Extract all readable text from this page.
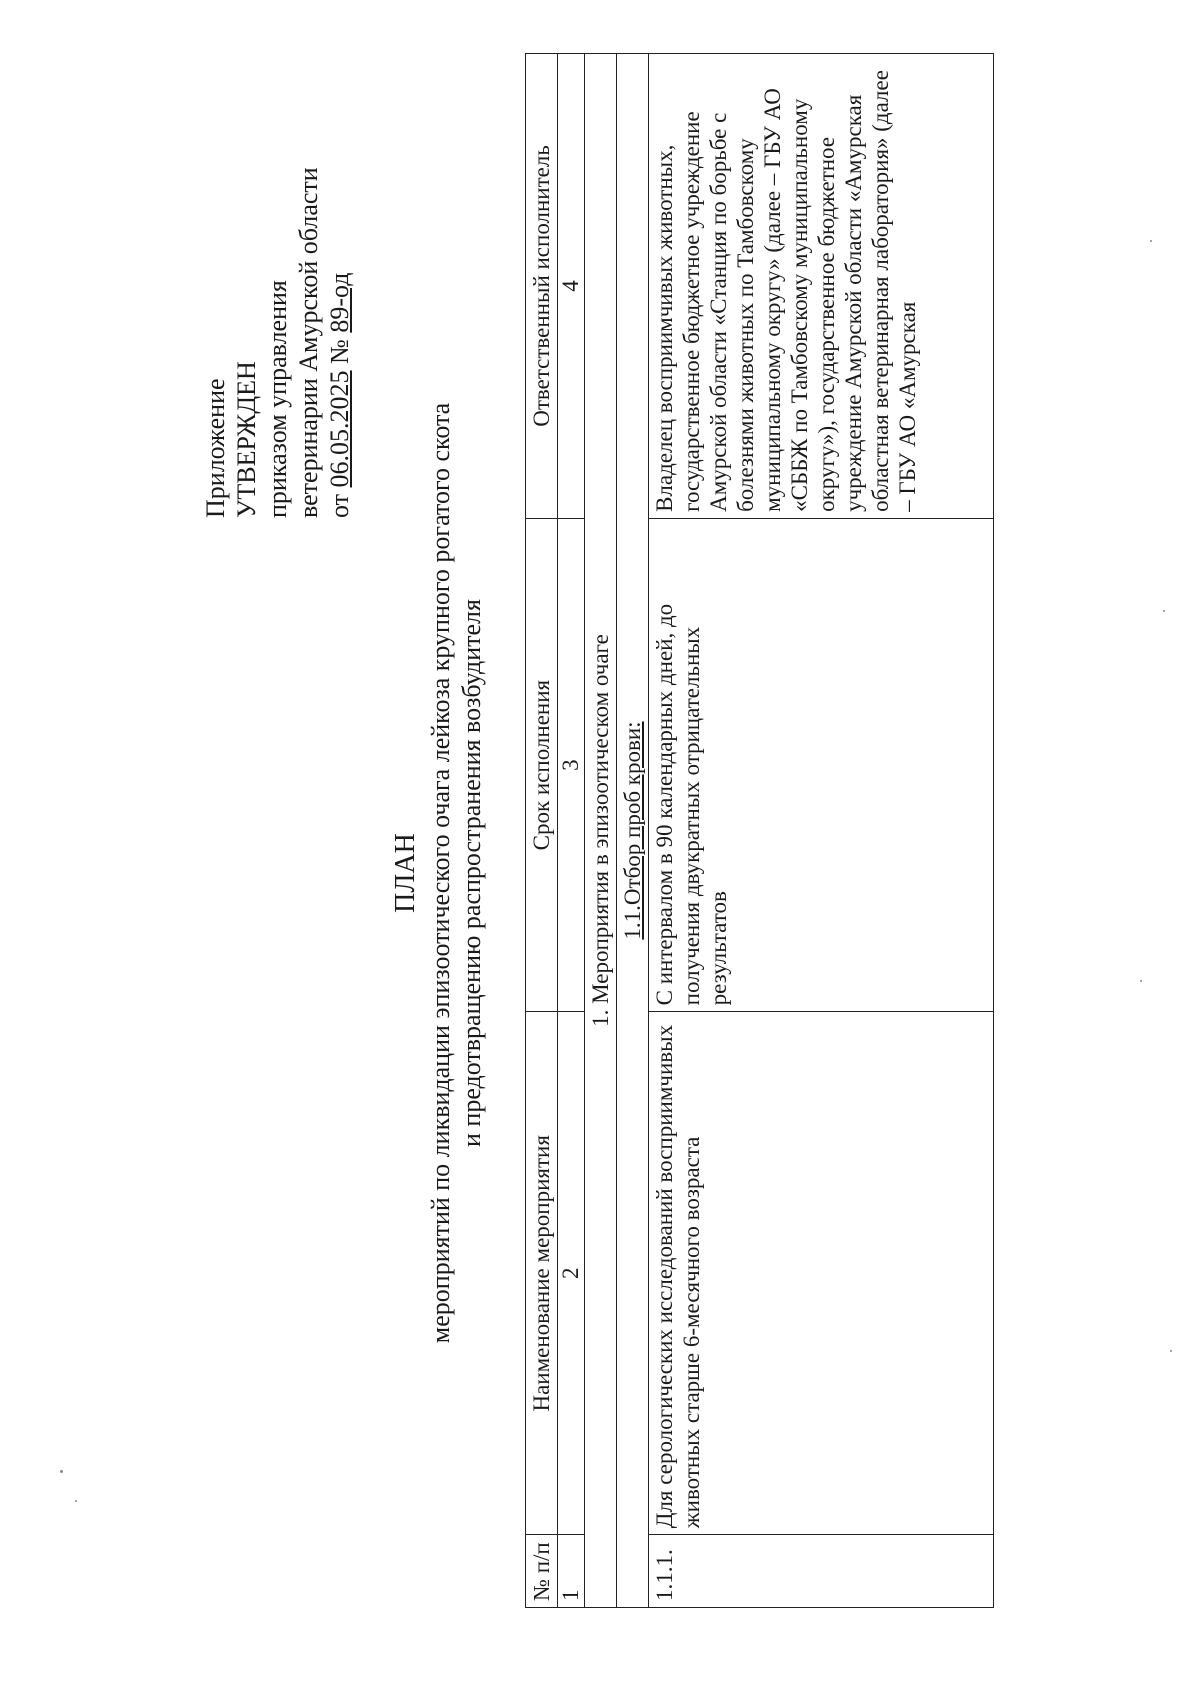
Приложение УТВЕРЖДЕН приказом управления ветеринарии Амурской области от 06.05.2025 № 89-од
ПЛАН мероприятий по ликвидации эпизоотического очага лейкоза крупного рогатого скота и предотвращению распространения возбудителя
№ п/п	Наименование мероприятия	Срок исполнения	Ответственный исполнитель
1	2	3	4
1. Мероприятия в эпизоотическом очаге			
1.1.Отбор проб крови:			
1.1.1.	Для серологических исследований восприимчивых животных старше 6-месячного возраста	С интервалом в 90 календарных дней, до получения двукратных отрицательных результатов	Владелец восприимчивых животных, государственное бюджетное учреждение Амурской области «Станция по борьбе с болезнями животных по Тамбовскому муниципальному округу» (далее – ГБУ АО «СББЖ по Тамбовскому муниципальному округу»), государственное бюджетное учреждение Амурской области «Амурская областная ветеринарная лаборатория» (далее – ГБУ АО «Амурская
